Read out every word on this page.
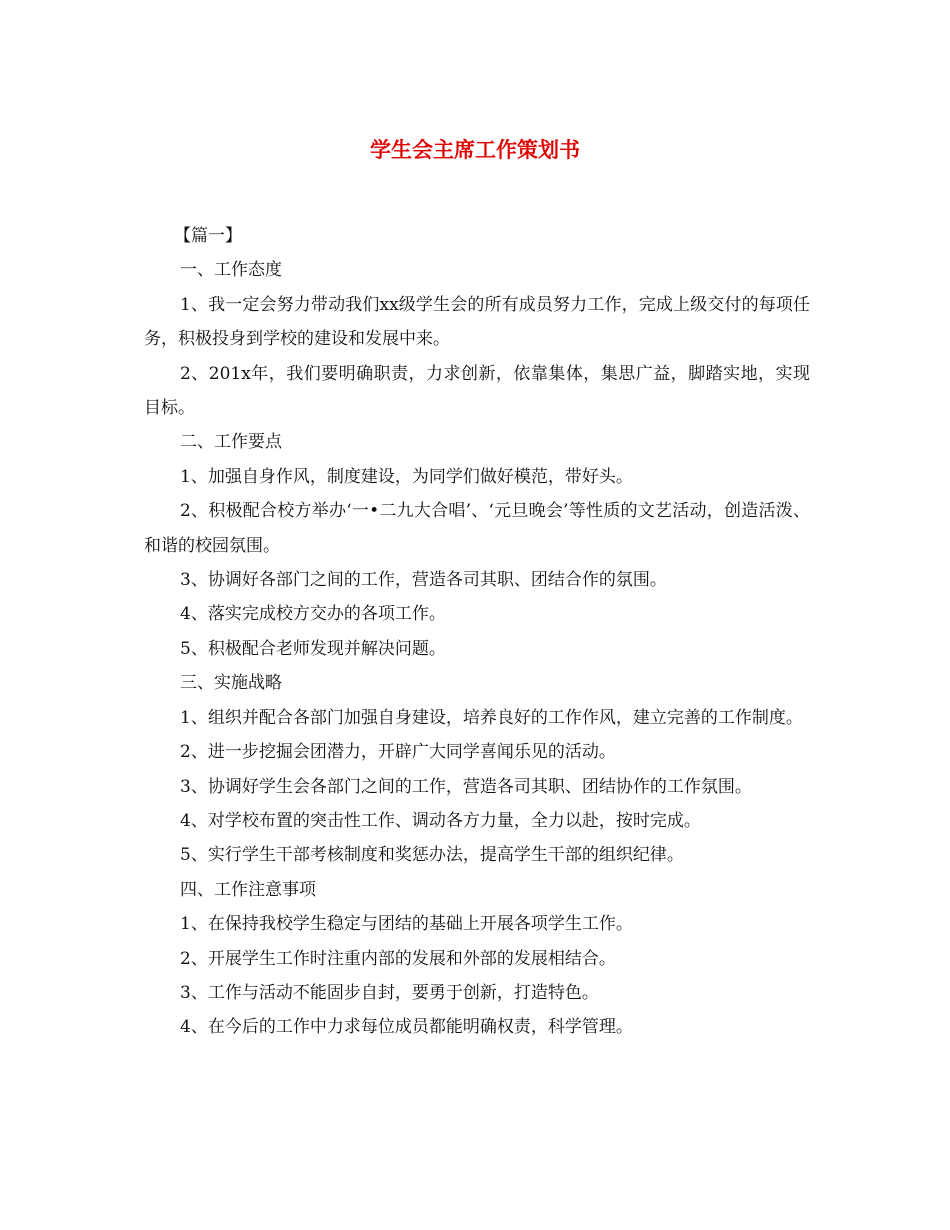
学生会主席工作策划书

【篇一】

一、工作态度

1、我一定会努力带动我们xx级学生会的所有成员努力工作，完成上级交付的每项任务，积极投身到学校的建设和发展中来。

2、201x年，我们要明确职责，力求创新，依靠集体，集思广益，脚踏实地，实现目标。

二、工作要点

1、加强自身作风，制度建设，为同学们做好模范，带好头。

2、积极配合校方举办‘一•二九大合唱’、‘元旦晚会’等性质的文艺活动，创造活泼、和谐的校园氛围。

3、协调好各部门之间的工作，营造各司其职、团结合作的氛围。

4、落实完成校方交办的各项工作。

5、积极配合老师发现并解决问题。

三、实施战略

1、组织并配合各部门加强自身建设，培养良好的工作作风，建立完善的工作制度。

2、进一步挖掘会团潜力，开辟广大同学喜闻乐见的活动。

3、协调好学生会各部门之间的工作，营造各司其职、团结协作的工作氛围。

4、对学校布置的突击性工作、调动各方力量，全力以赴，按时完成。

5、实行学生干部考核制度和奖惩办法，提高学生干部的组织纪律。

四、工作注意事项

1、在保持我校学生稳定与团结的基础上开展各项学生工作。

2、开展学生工作时注重内部的发展和外部的发展相结合。

3、工作与活动不能固步自封，要勇于创新，打造特色。

4、在今后的工作中力求每位成员都能明确权责，科学管理。
